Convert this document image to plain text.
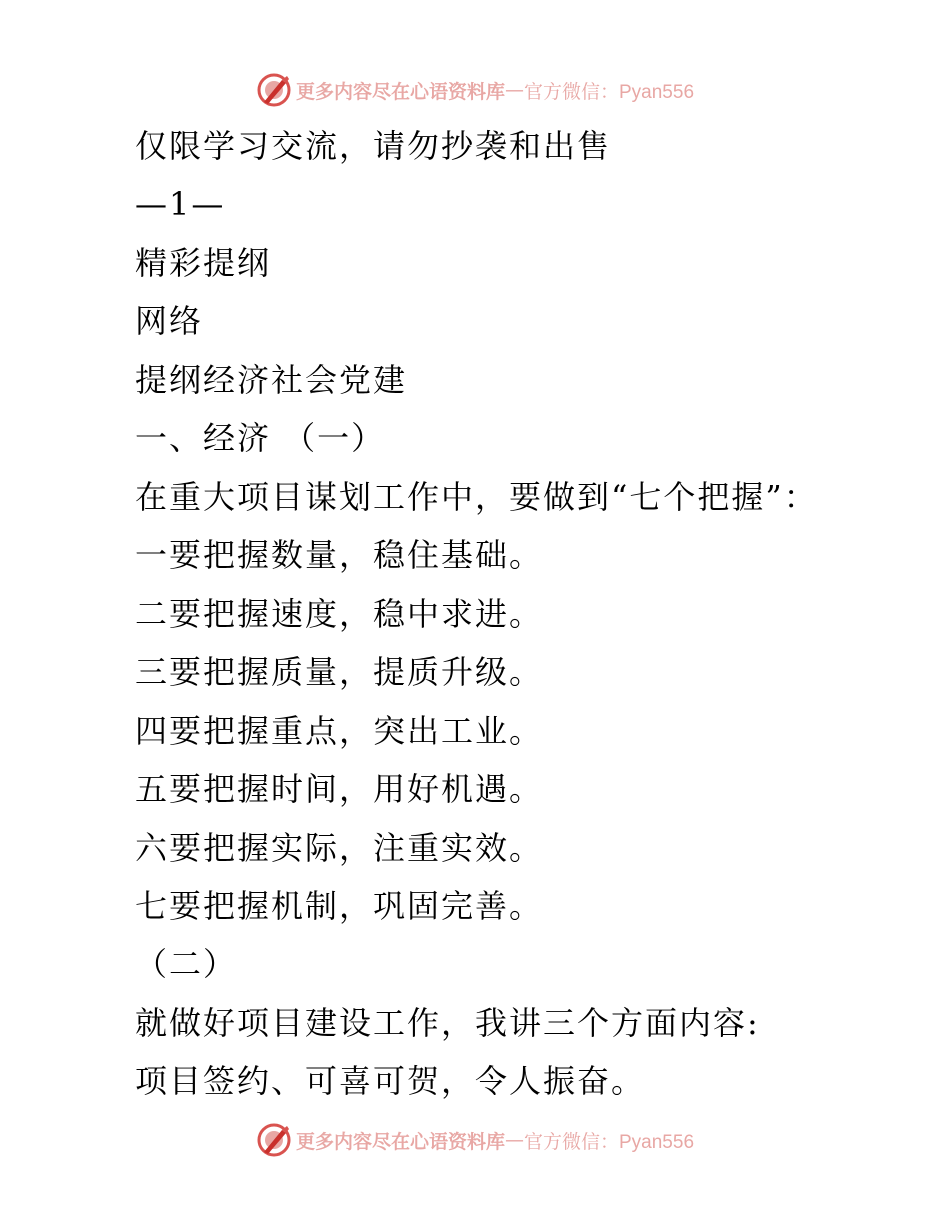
更多内容尽在心语资料库 — 官方微信：Pyan556
仅限学习交流，请勿抄袭和出售
—1—
精彩提纲
网络
提纲经济社会党建
一、经济 （一）
在重大项目谋划工作中，要做到“七个把握”：
一要把握数量，稳住基础。
二要把握速度，稳中求进。
三要把握质量，提质升级。
四要把握重点，突出工业。
五要把握时间，用好机遇。
六要把握实际，注重实效。
七要把握机制，巩固完善。
（二）
就做好项目建设工作，我讲三个方面内容:
项目签约、可喜可贺，令人振奋。
更多内容尽在心语资料库 — 官方微信：Pyan556
